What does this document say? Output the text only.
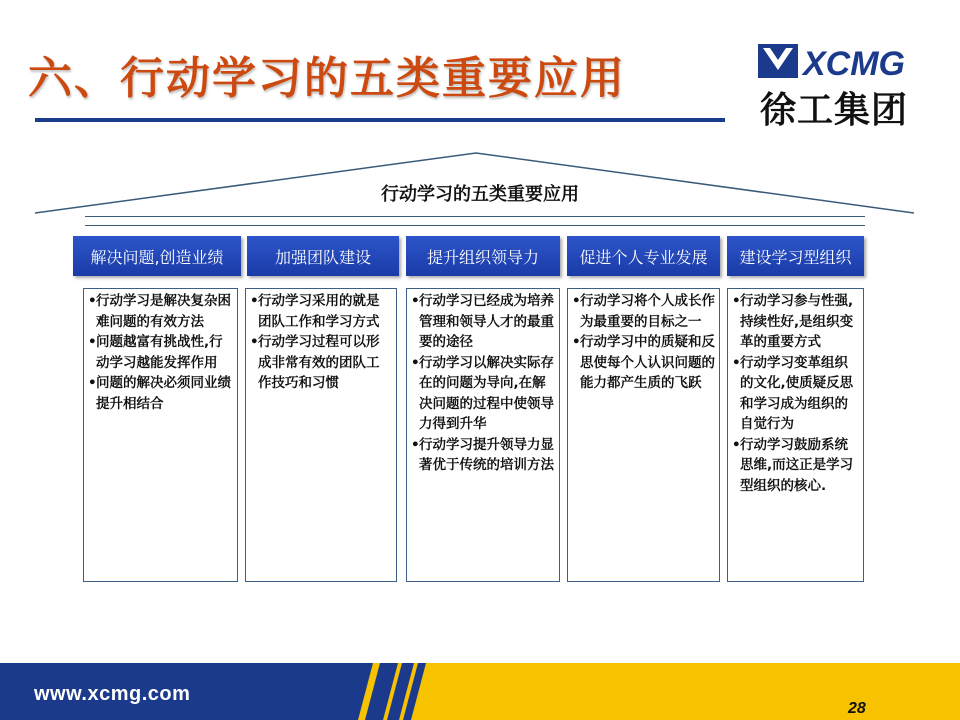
六、行动学习的五类重要应用	XCMG
徐工集团
行动学习的五类重要应用
解决问题,创造业绩	加强团队建设	提升组织领导力	促进个人专业发展	建设学习型组织

• 行动学习是解决复杂困难问题的有效方法

• 问题越富有挑战性,行动学习越能发挥作用

• 问题的解决必须同业绩提升相结合

• 行动学习采用的就是团队工作和学习方式

• 行动学习过程可以形成非常有效的团队工作技巧和习惯

• 行动学习已经成为培养管理和领导人才的最重要的途径

• 行动学习以解决实际存在的问题为导向,在解决问题的过程中使领导力得到升华

• 行动学习提升领导力显著优于传统的培训方法

• 行动学习将个人成长作为最重要的目标之一

• 行动学习中的质疑和反思使每个人认识问题的能力都产生质的飞跃

• 行动学习参与性强,持续性好,是组织变革的重要方式

• 行动学习变革组织的文化,使质疑反思和学习成为组织的自觉行为

• 行动学习鼓励系统思维,而这正是学习型组织的核心.

www.xcmg.com
28
